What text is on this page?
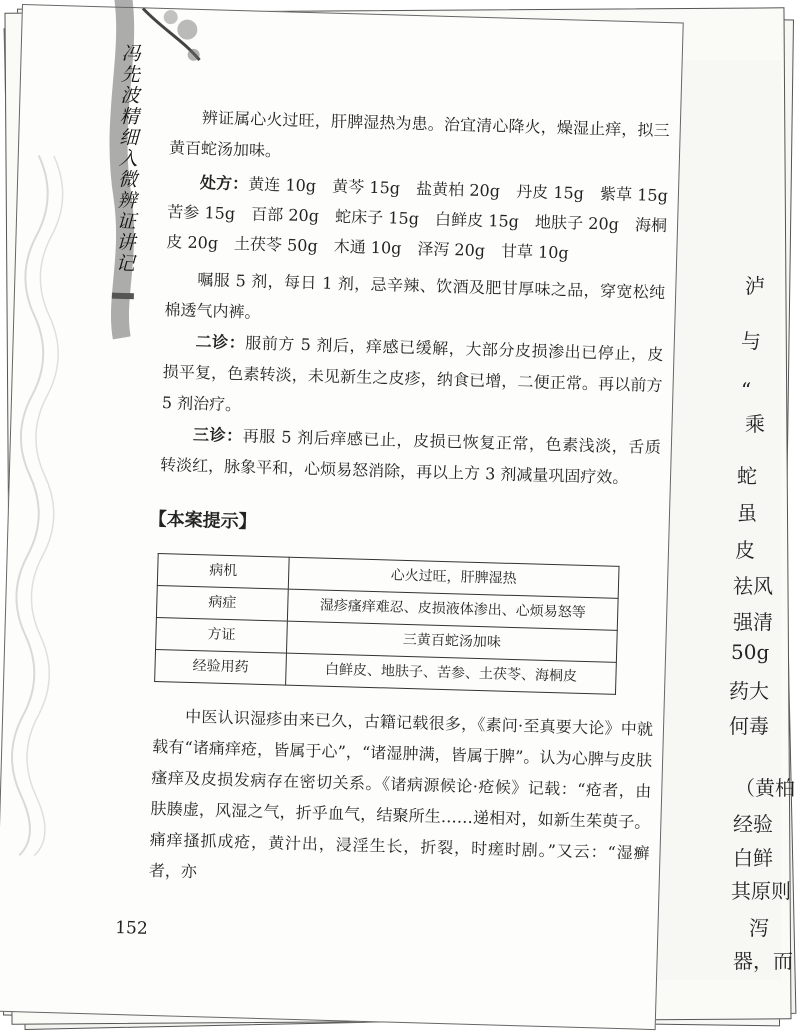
泸
与
“
乘
蛇
虽
皮
祛风
强清
50g
药大
何毒
（黄柏
经验
白鲜
其原则
泻
器，而
冯先波精细入微辨证讲记	辨证属心火过旺，肝脾湿热为患。治宜清心降火，燥湿止痒，拟三黄百蛇汤加味。

处方：黄连 10g　黄芩 15g　盐黄柏 20g　丹皮 15g　紫草 15g　苦参 15g　百部 20g　蛇床子 15g　白鲜皮 15g　地肤子 20g　海桐皮 20g　土茯苓 50g　木通 10g　泽泻 20g　甘草 10g

嘱服 5 剂，每日 1 剂，忌辛辣、饮酒及肥甘厚味之品，穿宽松纯棉透气内裤。

二诊：服前方 5 剂后，痒感已缓解，大部分皮损渗出已停止，皮损平复，色素转淡，未见新生之皮疹，纳食已增，二便正常。再以前方 5 剂治疗。

三诊：再服 5 剂后痒感已止，皮损已恢复正常，色素浅淡，舌质转淡红，脉象平和，心烦易怒消除，再以上方 3 剂减量巩固疗效。

【本案提示】
病机	心火过旺，肝脾湿热
病症	湿疹瘙痒难忍、皮损液体渗出、心烦易怒等
方证	三黄百蛇汤加味
经验用药	白鲜皮、地肤子、苦参、土茯苓、海桐皮

中医认识湿疹由来已久，古籍记载很多，《素问·至真要大论》中就载有“诸痛痒疮，皆属于心”，“诸湿肿满，皆属于脾”。认为心脾与皮肤瘙痒及皮损发病存在密切关系。《诸病源候论·疮候》记载：“疮者，由肤腠虚，风湿之气，折乎血气，结聚所生……递相对，如新生茱萸子。痛痒搔抓成疮，黄汁出，浸淫生长，折裂，时瘥时剧。”又云：“湿癣者，亦

152
